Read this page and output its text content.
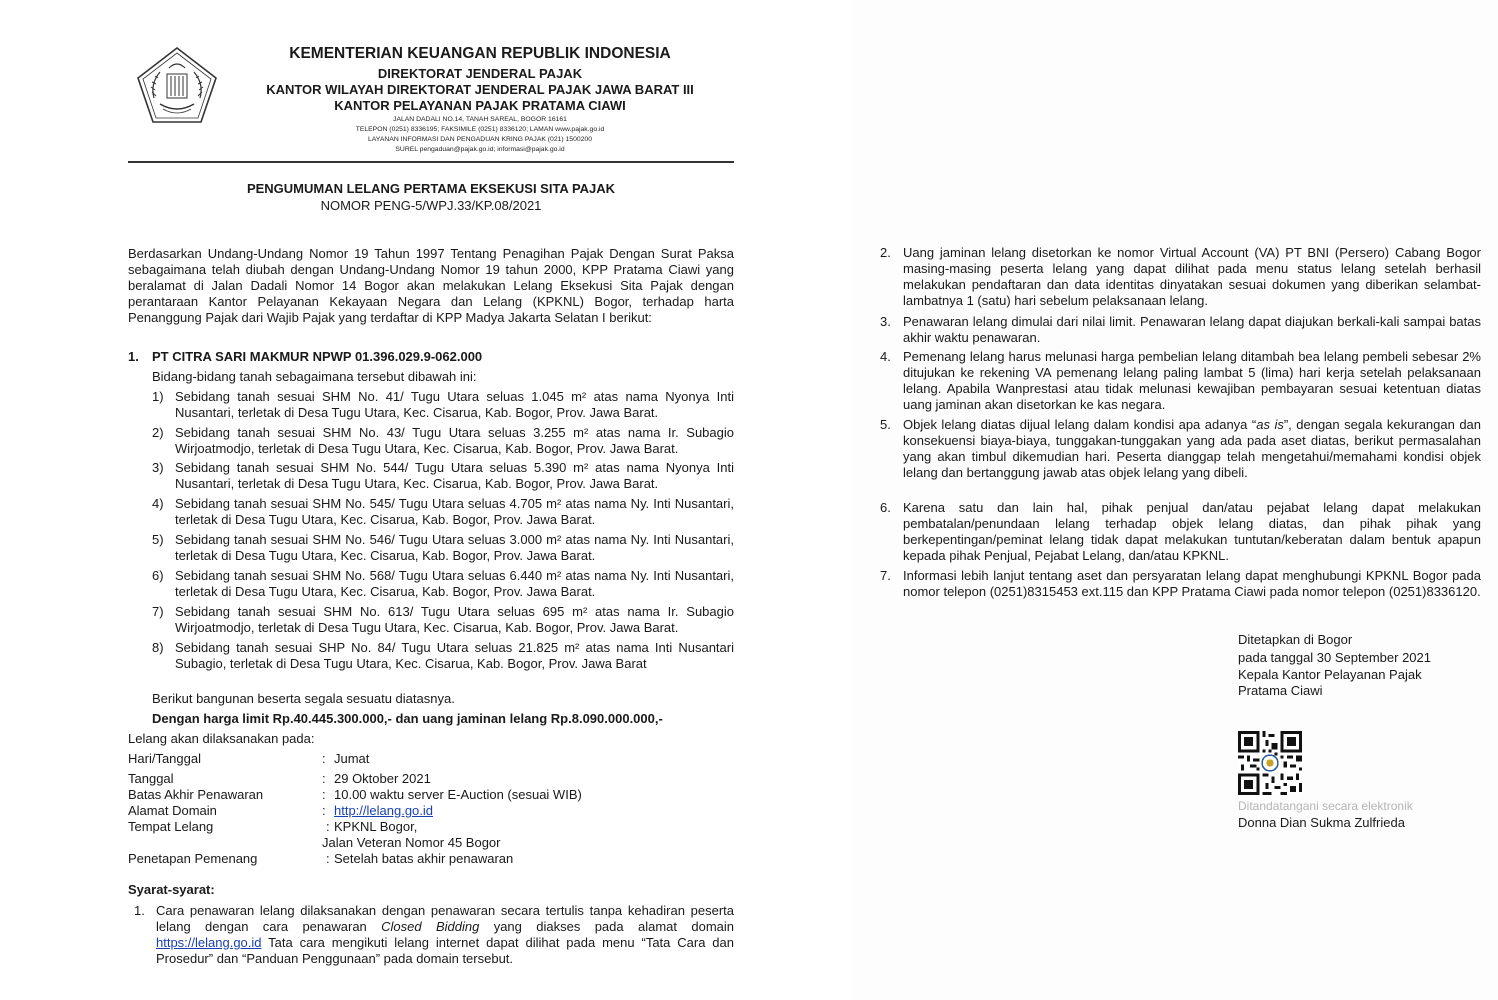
KEMENTERIAN KEUANGAN REPUBLIK INDONESIA
DIREKTORAT JENDERAL PAJAK
KANTOR WILAYAH DIREKTORAT JENDERAL PAJAK JAWA BARAT III
KANTOR PELAYANAN PAJAK PRATAMA CIAWI
JALAN DADALI NO.14, TANAH SAREAL, BOGOR 16161
TELEPON (0251) 8336195; FAKSIMILE (0251) 8336120; LAMAN www.pajak.go.id
LAYANAN INFORMASI DAN PENGADUAN KRING PAJAK (021) 1500200
SUREL pengaduan@pajak.go.id; informasi@pajak.go.id
PENGUMUMAN LELANG PERTAMA EKSEKUSI SITA PAJAK
NOMOR PENG-5/WPJ.33/KP.08/2021
Berdasarkan Undang-Undang Nomor 19 Tahun 1997 Tentang Penagihan Pajak Dengan Surat Paksa sebagaimana telah diubah dengan Undang-Undang Nomor 19 tahun 2000, KPP Pratama Ciawi yang beralamat di Jalan Dadali Nomor 14 Bogor akan melakukan Lelang Eksekusi Sita Pajak dengan perantaraan Kantor Pelayanan Kekayaan Negara dan Lelang (KPKNL) Bogor, terhadap harta Penanggung Pajak dari Wajib Pajak yang terdaftar di KPP Madya Jakarta Selatan I berikut:
1. PT CITRA SARI MAKMUR NPWP 01.396.029.9-062.000
Bidang-bidang tanah sebagaimana tersebut dibawah ini:
1) Sebidang tanah sesuai SHM No. 41/ Tugu Utara seluas 1.045 m² atas nama Nyonya Inti Nusantari, terletak di Desa Tugu Utara, Kec. Cisarua, Kab. Bogor, Prov. Jawa Barat.
2) Sebidang tanah sesuai SHM No. 43/ Tugu Utara seluas 3.255 m² atas nama Ir. Subagio Wirjoatmodjo, terletak di Desa Tugu Utara, Kec. Cisarua, Kab. Bogor, Prov. Jawa Barat.
3) Sebidang tanah sesuai SHM No. 544/ Tugu Utara seluas 5.390 m² atas nama Nyonya Inti Nusantari, terletak di Desa Tugu Utara, Kec. Cisarua, Kab. Bogor, Prov. Jawa Barat.
4) Sebidang tanah sesuai SHM No. 545/ Tugu Utara seluas 4.705 m² atas nama Ny. Inti Nusantari, terletak di Desa Tugu Utara, Kec. Cisarua, Kab. Bogor, Prov. Jawa Barat.
5) Sebidang tanah sesuai SHM No. 546/ Tugu Utara seluas 3.000 m² atas nama Ny. Inti Nusantari, terletak di Desa Tugu Utara, Kec. Cisarua, Kab. Bogor, Prov. Jawa Barat.
6) Sebidang tanah sesuai SHM No. 568/ Tugu Utara seluas 6.440 m² atas nama Ny. Inti Nusantari, terletak di Desa Tugu Utara, Kec. Cisarua, Kab. Bogor, Prov. Jawa Barat.
7) Sebidang tanah sesuai SHM No. 613/ Tugu Utara seluas 695 m² atas nama Ir. Subagio Wirjoatmodjo, terletak di Desa Tugu Utara, Kec. Cisarua, Kab. Bogor, Prov. Jawa Barat.
8) Sebidang tanah sesuai SHP No. 84/ Tugu Utara seluas 21.825 m² atas nama Inti Nusantari Subagio, terletak di Desa Tugu Utara, Kec. Cisarua, Kab. Bogor, Prov. Jawa Barat
Berikut bangunan beserta segala sesuatu diatasnya.
Dengan harga limit Rp.40.445.300.000,- dan uang jaminan lelang Rp.8.090.000.000,-
Lelang akan dilaksanakan pada:
Hari/Tanggal	: Jumat
Tanggal	: 29 Oktober 2021
Batas Akhir Penawaran	: 10.00 waktu server E-Auction (sesuai WIB)
Alamat Domain	: http://lelang.go.id
Tempat Lelang	: KPKNL Bogor,
Jalan Veteran Nomor 45 Bogor
Penetapan Pemenang	: Setelah batas akhir penawaran
Syarat-syarat:
1. Cara penawaran lelang dilaksanakan dengan penawaran secara tertulis tanpa kehadiran peserta lelang dengan cara penawaran Closed Bidding yang diakses pada alamat domain https://lelang.go.id Tata cara mengikuti lelang internet dapat dilihat pada menu “Tata Cara dan Prosedur” dan “Panduan Penggunaan” pada domain tersebut.
2. Uang jaminan lelang disetorkan ke nomor Virtual Account (VA) PT BNI (Persero) Cabang Bogor masing-masing peserta lelang yang dapat dilihat pada menu status lelang setelah berhasil melakukan pendaftaran dan data identitas dinyatakan sesuai dokumen yang diberikan selambat-lambatnya 1 (satu) hari sebelum pelaksanaan lelang.
3. Penawaran lelang dimulai dari nilai limit. Penawaran lelang dapat diajukan berkali-kali sampai batas akhir waktu penawaran.
4. Pemenang lelang harus melunasi harga pembelian lelang ditambah bea lelang pembeli sebesar 2% ditujukan ke rekening VA pemenang lelang paling lambat 5 (lima) hari kerja setelah pelaksanaan lelang. Apabila Wanprestasi atau tidak melunasi kewajiban pembayaran sesuai ketentuan diatas uang jaminan akan disetorkan ke kas negara.
5. Objek lelang diatas dijual lelang dalam kondisi apa adanya “as is”, dengan segala kekurangan dan konsekuensi biaya-biaya, tunggakan-tunggakan yang ada pada aset diatas, berikut permasalahan yang akan timbul dikemudian hari. Peserta dianggap telah mengetahui/memahami kondisi objek lelang dan bertanggung jawab atas objek lelang yang dibeli.
6. Karena satu dan lain hal, pihak penjual dan/atau pejabat lelang dapat melakukan pembatalan/penundaan lelang terhadap objek lelang diatas, dan pihak pihak yang berkepentingan/peminat lelang tidak dapat melakukan tuntutan/keberatan dalam bentuk apapun kepada pihak Penjual, Pejabat Lelang, dan/atau KPKNL.
7. Informasi lebih lanjut tentang aset dan persyaratan lelang dapat menghubungi KPKNL Bogor pada nomor telepon (0251)8315453 ext.115 dan KPP Pratama Ciawi pada nomor telepon (0251)8336120.
Ditetapkan di Bogor
pada tanggal 30 September 2021
Kepala Kantor Pelayanan Pajak
Pratama Ciawi
Ditandatangani secara elektronik
Donna Dian Sukma Zulfrieda
